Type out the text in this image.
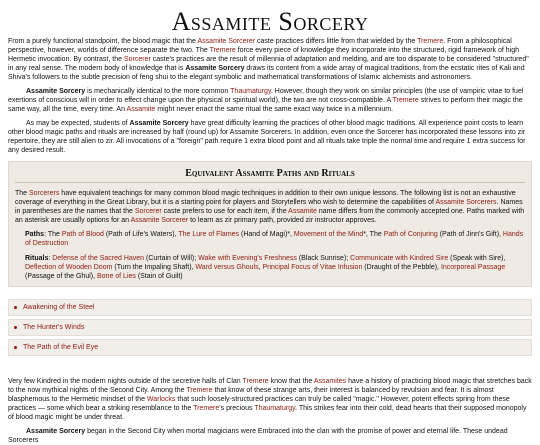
Assamite Sorcery

From a purely functional standpoint, the blood magic that the Assamite Sorcerer caste practices differs little from that wielded by the Tremere. From a philosophical perspective, however, worlds of difference separate the two. The Tremere force every piece of knowledge they incorporate into the structured, rigid framework of high Hermetic invocation. By contrast, the Sorcerer caste's practices are the result of millennia of adaptation and melding, and are too disparate to be considered "structured" in any real sense. The modern body of knowledge that is Assamite Sorcery draws its content from a wide array of magical traditions, from the ecstatic rites of Kali and Shiva's followers to the subtle precision of feng shui to the elegant symbolic and mathematical transformations of Islamic alchemists and astronomers.

Assamite Sorcery is mechanically identical to the more common Thaumaturgy. However, though they work on similar principles (the use of vampiric vitae to fuel exertions of conscious will in order to effect change upon the physical or spiritual world), the two are not cross-compatible. A Tremere strives to perform their magic the same way, all the time, every time. An Assamite might never enact the same ritual the same exact way twice in a millennium.

As may be expected, students of Assamite Sorcery have great difficulty learning the practices of other blood magic traditions. All experience point costs to learn other blood magic paths and rituals are increased by half (round up) for Assamite Sorcerers. In addition, even once the Sorcerer has incorporated these lessons into zir repertoire, they are still alien to zir. All invocations of a "foreign" path require 1 extra blood point and all rituals take triple the normal time and require 1 extra success for any desired result.

Equivalent Assamite Paths and Rituals

The Sorcerers have equivalent teachings for many common blood magic techniques in addition to their own unique lessons. The following list is not an exhaustive coverage of everything in the Great Library, but it is a starting point for players and Storytellers who wish to determine the capabilities of Assamite Sorcerers. Names in parentheses are the names that the Sorcerer caste prefers to use for each item, if the Assamite name differs from the commonly accepted one. Paths marked with an asterisk are usually options for an Assamite Sorcerer to learn as zir primary path, provided zir instructor approves.

Paths: The Path of Blood (Path of Life's Waters), The Lure of Flames (Hand of Magi)*, Movement of the Mind*, The Path of Conjuring (Path of Jinn's Gift), Hands of Destruction
Rituals: Defense of the Sacred Haven (Curtain of Will); Wake with Evening's Freshness (Black Sunrise); Communicate with Kindred Sire (Speak with Sire), Deflection of Wooden Doom (Turn the Impaling Shaft), Ward versus Ghouls, Principal Focus of Vitae Infusion (Draught of the Pebble), Incorporeal Passage (Passage of the Ghul), Bone of Lies (Stain of Guilt)
Awakening of the Steel
The Hunter's Winds
The Path of the Evil Eye

Very few Kindred in the modern nights outside of the secretive halls of Clan Tremere know that the Assamites have a history of practicing blood magic that stretches back to the now mythical nights of the Second City. Among the Tremere that know of these strange arts, their interest is balanced by revulsion and fear. It is almost blasphemous to the Hermetic mindset of the Warlocks that such loosely-structured practices can truly be called "magic." However, potent effects spring from these practices — some which bear a striking resemblance to the Tremere's precious Thaumaturgy. This strikes fear into their cold, dead hearts that their supposed monopoly of blood magic might be under threat.

Assamite Sorcery began in the Second City when mortal magicians were Embraced into the clan with the promise of power and eternal life. These undead Sorcerers
